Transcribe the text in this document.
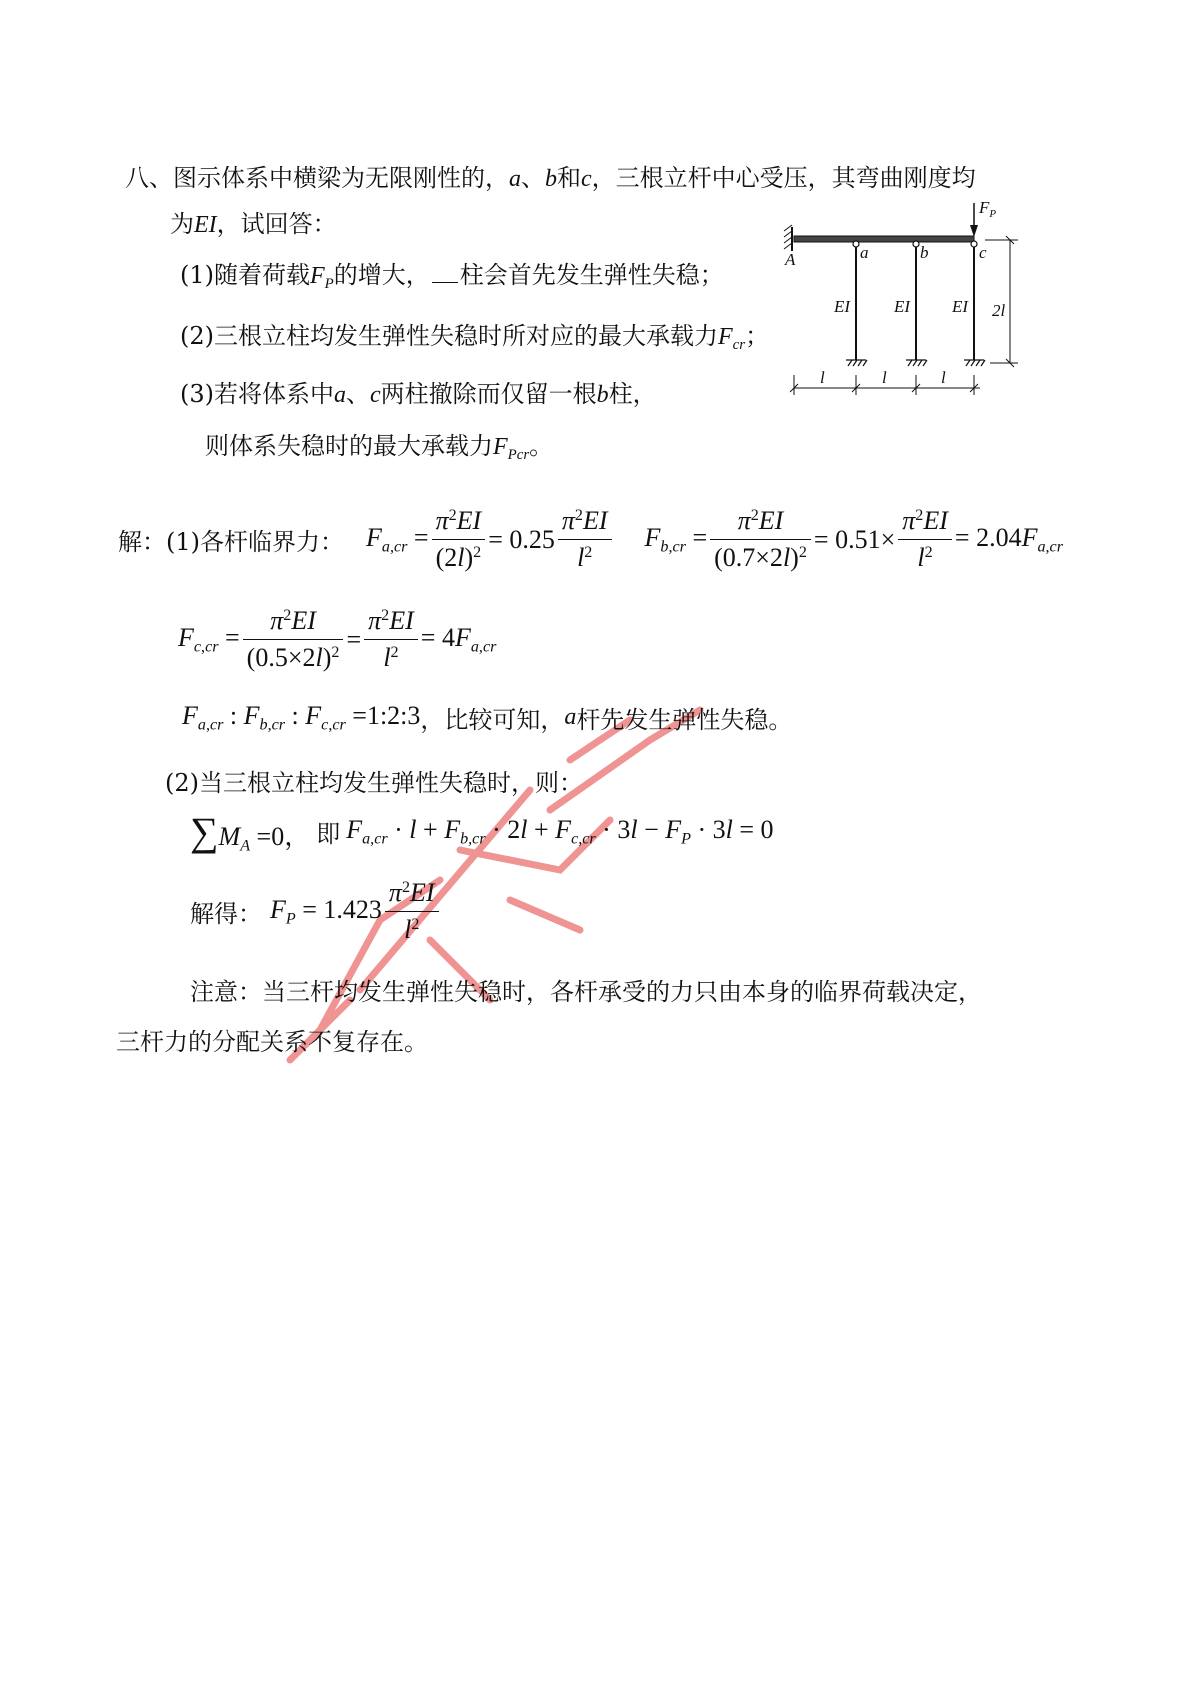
八、图示体系中横梁为无限刚性的，a、b和c，三根立杆中心受压，其弯曲刚度均
为EI，试回答：
(1)随着荷载$F_P$的增大， 柱会首先发生弹性失稳；
(2)三根立柱均发生弹性失稳时所对应的最大承载力$F_{cr}$；
(3)若将体系中a、c两柱撤除而仅留一根b柱，
则体系失稳时的最大承载力$F_{Pcr}$。
$F_P$
A	a	b	c
EI	EI EI 2l
l	l	l
解：(1)各杆临界力： $F_{a,cr} = \frac{\pi^2EI}{(2l)^2} = 0.25 \frac{\pi^2EI}{l^2} F_{b,cr} = \frac{\pi^2EI}{(0.7\times 2l)^2} = 0.51\times \frac{\pi^2EI}{l^2} = 2.04F_{a,cr}$
$F_{c,cr} = \frac{\pi^2EI}{(0.5\times 2l)^2} = \frac{\pi^2EI}{l^2} = 4F_{a,cr}$
$F_{a,cr}$ : $F_{b,cr}$ : $F_{c,cr}$ =1:2:3 ，比较可知， a 杆先发生弹性失稳。
(2)当三根立柱均发生弹性失稳时，则：
$\sum M_A =0$， 即 $F_{a,cr} \cdot l + F_{b,cr} \cdot 2l + F_{c,cr} \cdot 3l - F_P \cdot 3l = 0$
解得： $F_P = 1.423 \frac{\pi^2EI}{l^2}$
注意：当三杆均发生弹性失稳时，各杆承受的力只由本身的临界荷载决定，
三杆力的分配关系不复存在。
